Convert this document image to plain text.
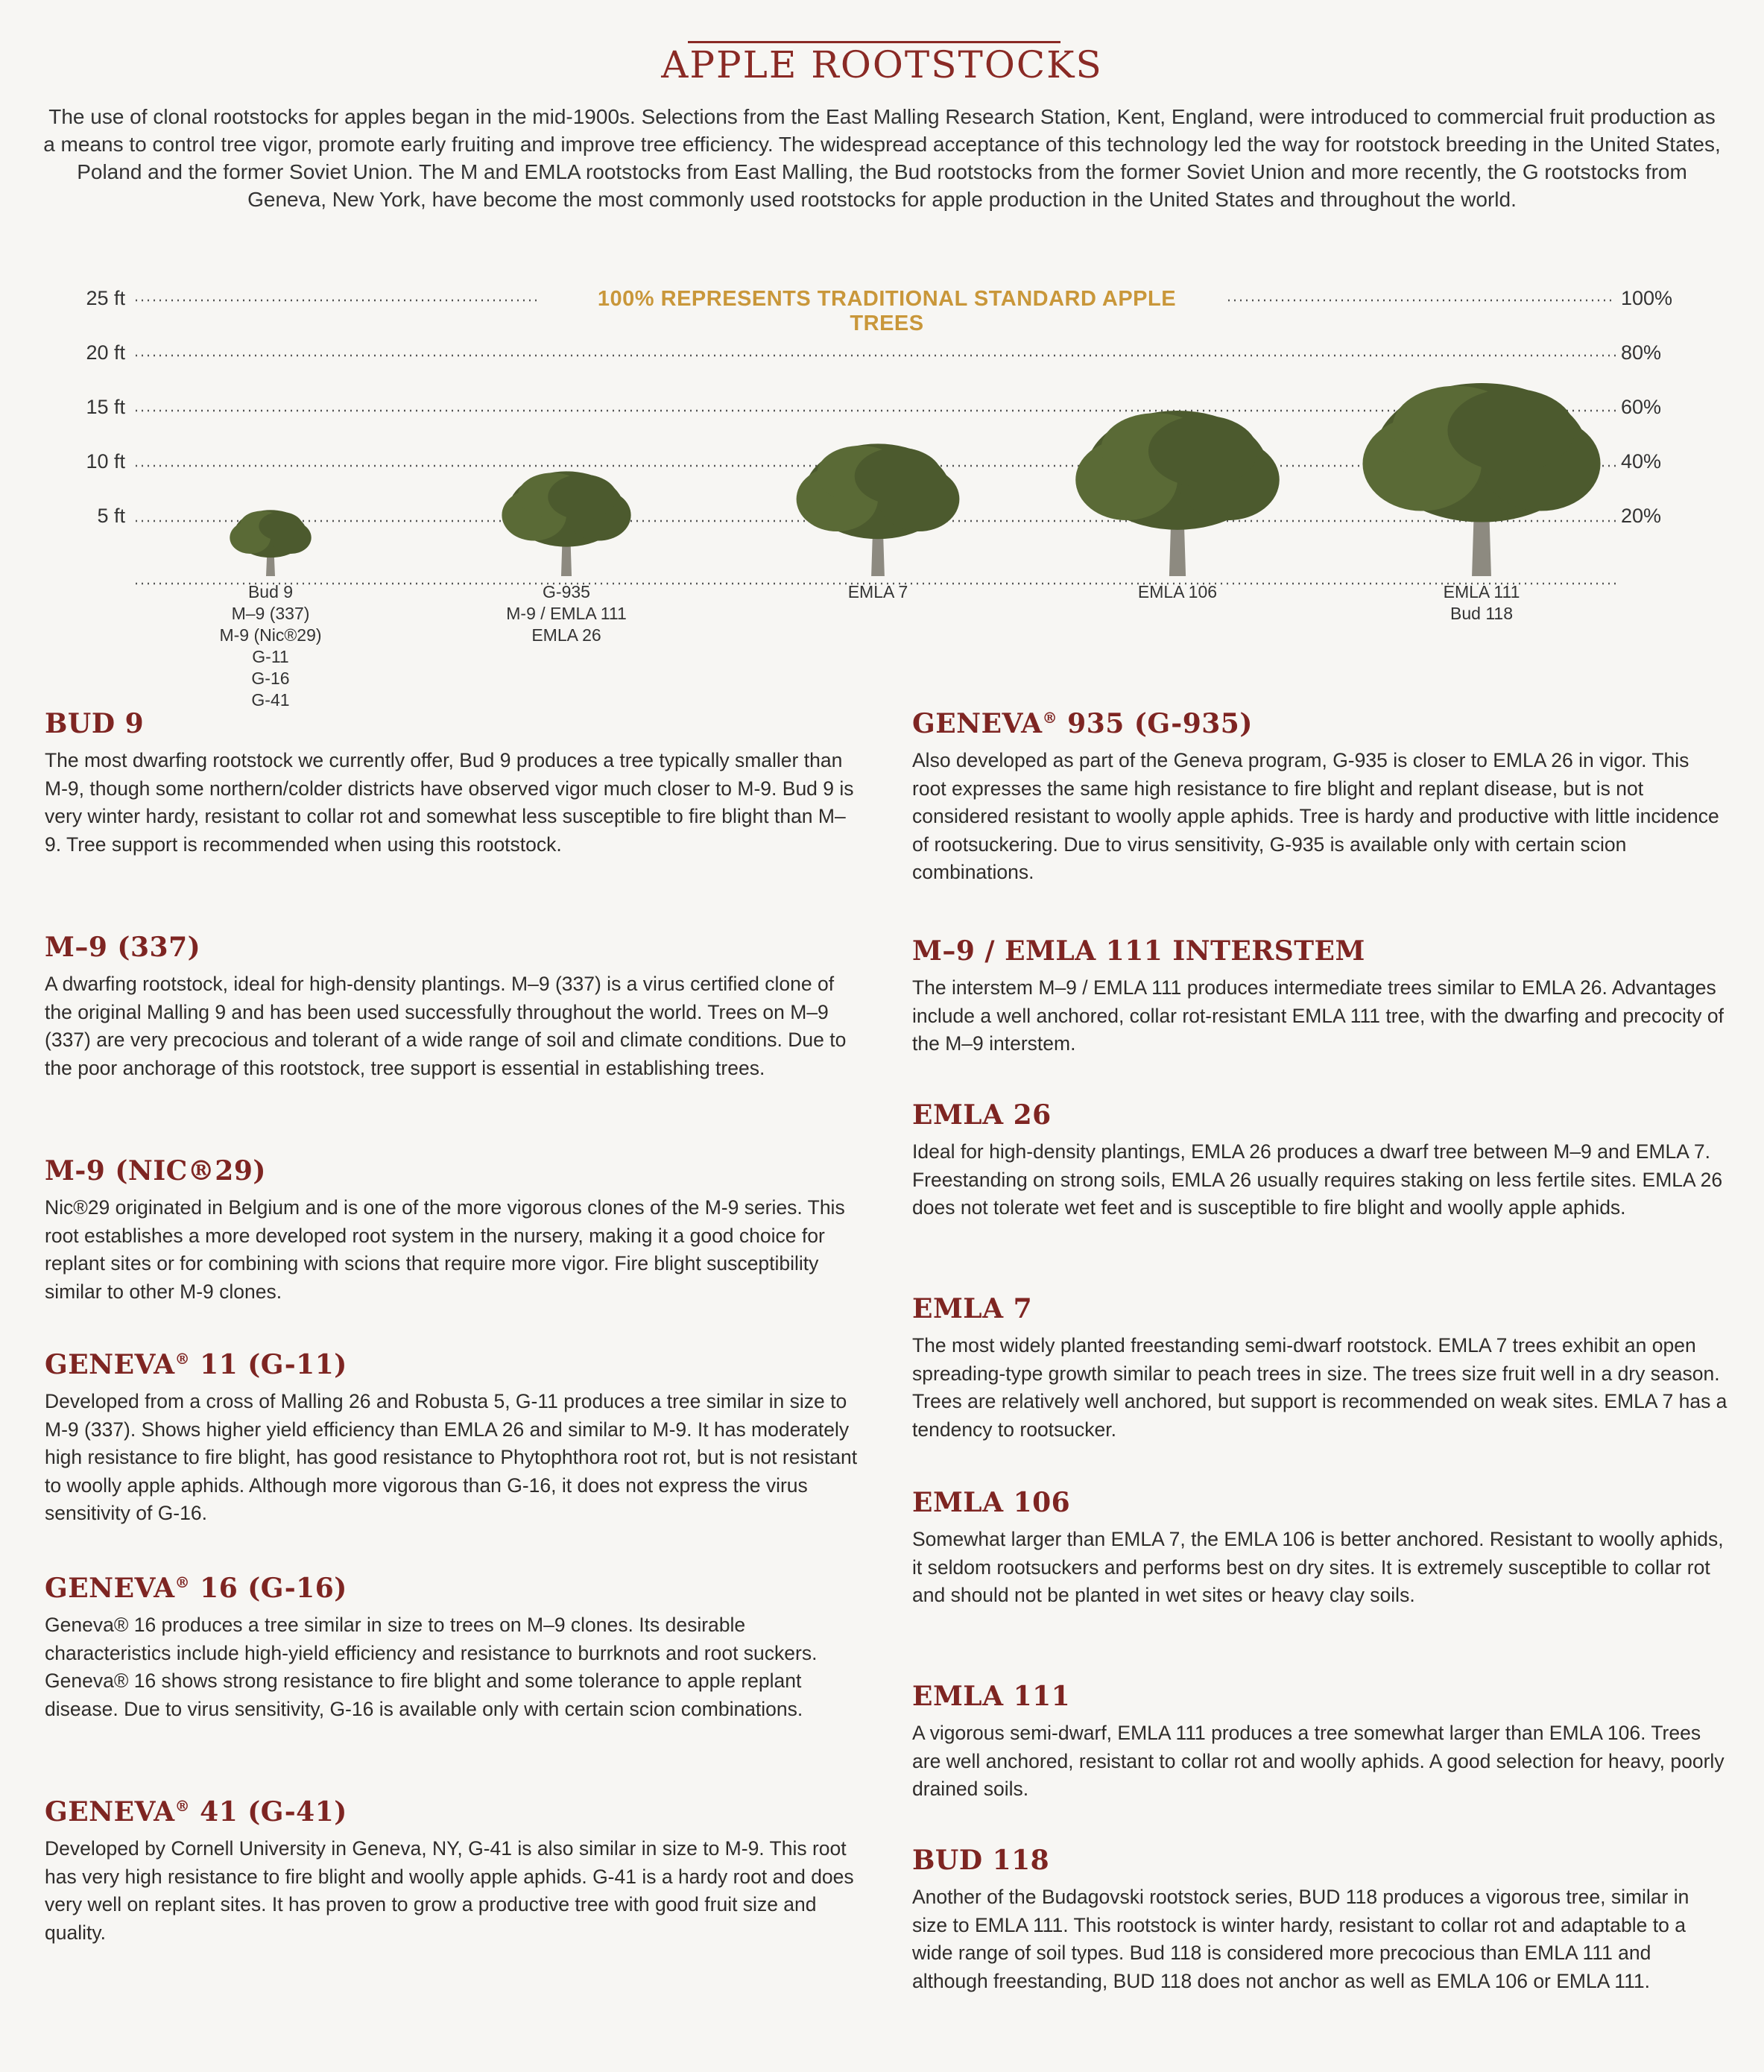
APPLE ROOTSTOCKS
The use of clonal rootstocks for apples began in the mid-1900s. Selections from the East Malling Research Station, Kent, England, were introduced to commercial fruit production as a means to control tree vigor, promote early fruiting and improve tree efficiency. The widespread acceptance of this technology led the way for rootstock breeding in the United States, Poland and the former Soviet Union. The M and EMLA rootstocks from East Malling, the Bud rootstocks from the former Soviet Union and more recently, the G rootstocks from Geneva, New York, have become the most commonly used rootstocks for apple production in the United States and throughout the world.
100% REPRESENTS TRADITIONAL STANDARD APPLE TREES
25 ft
20 ft
15 ft
10 ft
5 ft
100%
80%
60%
40%
20%
Bud 9
M–9 (337)
M-9 (Nic®29)
G-11
G-16
G-41
G-935
M-9 / EMLA 111
EMLA 26
EMLA 7	EMLA 106	EMLA 111
Bud 118
BUD 9

The most dwarfing rootstock we currently offer, Bud 9 produces a tree typically smaller than M-9, though some northern/colder districts have observed vigor much closer to M-9. Bud 9 is very winter hardy, resistant to collar rot and somewhat less susceptible to fire blight than M–9. Tree support is recommended when using this rootstock.

M–9 (337)

A dwarfing rootstock, ideal for high-density plantings. M–9 (337) is a virus certified clone of the original Malling 9 and has been used successfully throughout the world. Trees on M–9 (337) are very precocious and tolerant of a wide range of soil and climate conditions. Due to the poor anchorage of this rootstock, tree support is essential in establishing trees.

M-9 (NIC®29)

Nic®29 originated in Belgium and is one of the more vigorous clones of the M-9 series. This root establishes a more developed root system in the nursery, making it a good choice for replant sites or for combining with scions that require more vigor. Fire blight susceptibility similar to other M-9 clones.

GENEVA® 11 (G-11)

Developed from a cross of Malling 26 and Robusta 5, G-11 produces a tree similar in size to M-9 (337). Shows higher yield efficiency than EMLA 26 and similar to M-9. It has moderately high resistance to fire blight, has good resistance to Phytophthora root rot, but is not resistant to woolly apple aphids. Although more vigorous than G-16, it does not express the virus sensitivity of G-16.

GENEVA® 16 (G-16)

Geneva® 16 produces a tree similar in size to trees on M–9 clones. Its desirable characteristics include high-yield efficiency and resistance to burrknots and root suckers. Geneva® 16 shows strong resistance to fire blight and some tolerance to apple replant disease. Due to virus sensitivity, G-16 is available only with certain scion combinations.

GENEVA® 41 (G-41)

Developed by Cornell University in Geneva, NY, G-41 is also similar in size to M-9. This root has very high resistance to fire blight and woolly apple aphids. G-41 is a hardy root and does very well on replant sites. It has proven to grow a productive tree with good fruit size and quality.

GENEVA® 935 (G-935)

Also developed as part of the Geneva program, G-935 is closer to EMLA 26 in vigor. This root expresses the same high resistance to fire blight and replant disease, but is not considered resistant to woolly apple aphids. Tree is hardy and productive with little incidence of rootsuckering. Due to virus sensitivity, G-935 is available only with certain scion combinations.

M–9 / EMLA 111 INTERSTEM

The interstem M–9 / EMLA 111 produces intermediate trees similar to EMLA 26. Advantages include a well anchored, collar rot-resistant EMLA 111 tree, with the dwarfing and precocity of the M–9 interstem.

EMLA 26

Ideal for high-density plantings, EMLA 26 produces a dwarf tree between M–9 and EMLA 7. Freestanding on strong soils, EMLA 26 usually requires staking on less fertile sites. EMLA 26 does not tolerate wet feet and is susceptible to fire blight and woolly apple aphids.

EMLA 7

The most widely planted freestanding semi-dwarf rootstock. EMLA 7 trees exhibit an open spreading-type growth similar to peach trees in size. The trees size fruit well in a dry season. Trees are relatively well anchored, but support is recommended on weak sites. EMLA 7 has a tendency to rootsucker.

EMLA 106

Somewhat larger than EMLA 7, the EMLA 106 is better anchored. Resistant to woolly aphids, it seldom rootsuckers and performs best on dry sites. It is extremely susceptible to collar rot and should not be planted in wet sites or heavy clay soils.

EMLA 111

A vigorous semi-dwarf, EMLA 111 produces a tree somewhat larger than EMLA 106. Trees are well anchored, resistant to collar rot and woolly aphids. A good selection for heavy, poorly drained soils.

BUD 118

Another of the Budagovski rootstock series, BUD 118 produces a vigorous tree, similar in size to EMLA 111. This rootstock is winter hardy, resistant to collar rot and adaptable to a wide range of soil types. Bud 118 is considered more precocious than EMLA 111 and although freestanding, BUD 118 does not anchor as well as EMLA 106 or EMLA 111.
